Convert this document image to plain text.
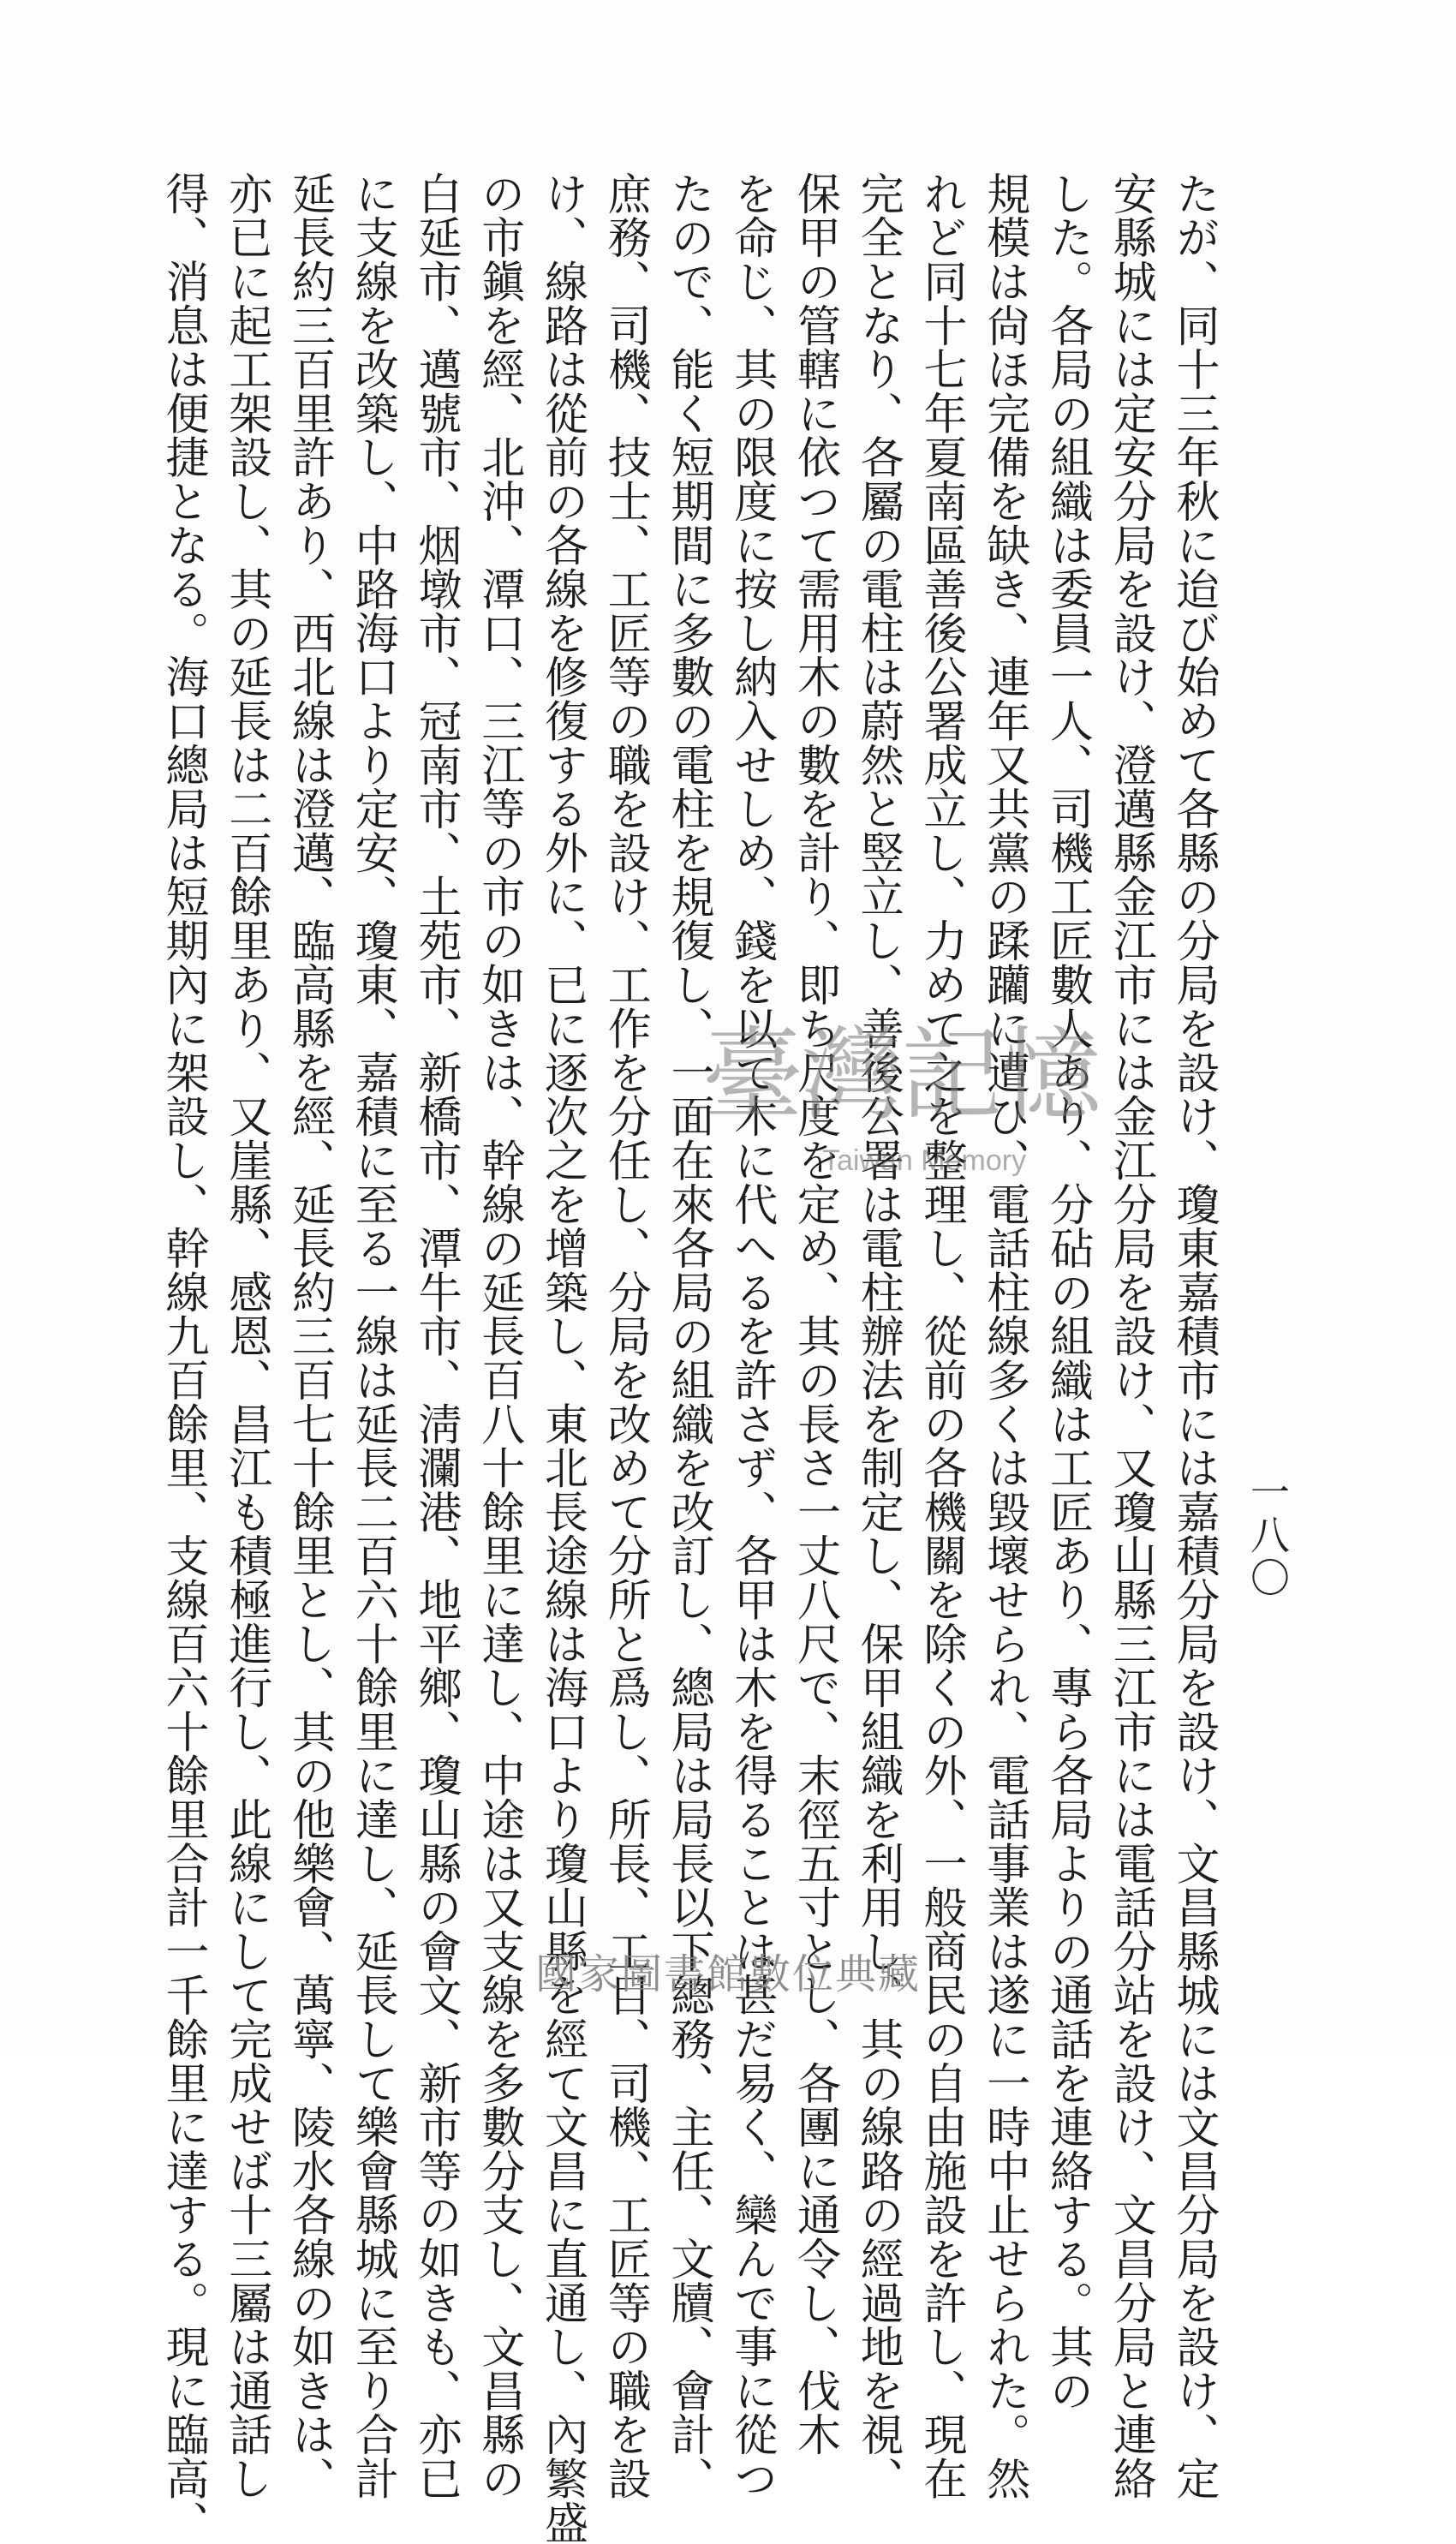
一八〇
たが、同十三年秋に迨び始めて各縣の分局を設け、瓊東嘉積市には嘉積分局を設け、文昌縣城には文昌分局を設け、定
安縣城には定安分局を設け、澄邁縣金江市には金江分局を設け、又瓊山縣三江市には電話分站を設け、文昌分局と連絡
した。各局の組織は委員一人、司機工匠數人あり、分砧の組織は工匠あり、專ら各局よりの通話を連絡する。其の
規模は尙ほ完備を缺き、連年又共黨の蹂躪に遭ひ、電話柱線多くは毀壞せられ、電話事業は遂に一時中止せられた。然
れど同十七年夏南區善後公署成立し、力めて之を整理し、從前の各機關を除くの外、一般商民の自由施設を許し、現在
完全となり、各屬の電柱は蔚然と竪立し、善後公署は電柱辦法を制定し、保甲組織を利用し、其の線路の經過地を視、
保甲の管轄に依つて需用木の數を計り、即ち尺度を定め、其の長さ一丈八尺で、末徑五寸とし、各團に通令し、伐木
を命じ、其の限度に按し納入せしめ、錢を以て木に代へるを許さず、各甲は木を得ることは甚だ易く、欒んで事に從つ
たので、能く短期間に多數の電柱を規復し、一面在來各局の組織を改訂し、總局は局長以下總務、主任、文牘、會計、
庶務、司機、技士、工匠等の職を設け、工作を分任し、分局を改めて分所と爲し、所長、工目、司機、工匠等の職を設
け、線路は從前の各線を修復する外に、已に逐次之を增築し、東北長途線は海口より瓊山縣を經て文昌に直通し、內繁盛
の市鎭を經、北沖、潭口、三江等の市の如きは、幹線の延長百八十餘里に達し、中途は又支線を多數分支し、文昌縣の
白延市、邁號市、烟墩市、冠南市、土苑市、新橋市、潭牛市、淸瀾港、地平鄉、瓊山縣の會文、新市等の如きも、亦已
に支線を改築し、中路海口より定安、瓊東、嘉積に至る一線は延長二百六十餘里に達し、延長して樂會縣城に至り合計
延長約三百里許あり、西北線は澄邁、臨高縣を經、延長約三百七十餘里とし、其の他樂會、萬寧、陵水各線の如きは、
亦已に起工架設し、其の延長は二百餘里あり、又崖縣、感恩、昌江も積極進行し、此線にして完成せば十三屬は通話し
得、消息は便捷となる。海口總局は短期內に架設し、幹線九百餘里、支線百六十餘里合計一千餘里に達する。現に臨高、	臺灣記憶
Taiwan Memory
國家圖書館數位典藏
